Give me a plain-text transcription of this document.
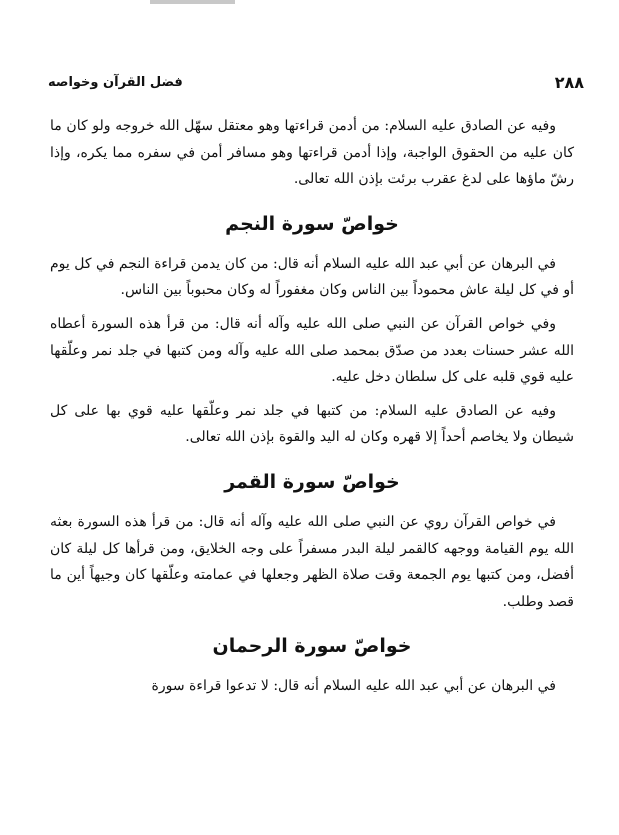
فضل القرآن وخواصه	٢٨٨

وفيه عن الصادق عليه السلام: من أدمن قراءتها وهو معتقل سهّل الله خروجه ولو كان ما كان عليه من الحقوق الواجبة، وإذا أدمن قراءتها وهو مسافر أمن في سفره مما يكره، وإذا رشّ ماؤها على لدغ عقرب برئت بإذن الله تعالى.

خواصّ سورة النجم

في البرهان عن أبي عبد الله عليه السلام أنه قال: من كان يدمن قراءة النجم في كل يوم أو في كل ليلة عاش محموداً بين الناس وكان مغفوراً له وكان محبوباً بين الناس.

وفي خواص القرآن عن النبي صلى الله عليه وآله أنه قال: من قرأ هذه السورة أعطاه الله عشر حسنات بعدد من صدّق بمحمد صلى الله عليه وآله ومن كتبها في جلد نمر وعلّقها عليه قوي قلبه على كل سلطان دخل عليه.

وفيه عن الصادق عليه السلام: من كتبها في جلد نمر وعلّقها عليه قوي بها على كل شيطان ولا يخاصم أحداً إلا قهره وكان له اليد والقوة بإذن الله تعالى.

خواصّ سورة القمر

في خواص القرآن روي عن النبي صلى الله عليه وآله أنه قال: من قرأ هذه السورة بعثه الله يوم القيامة ووجهه كالقمر ليلة البدر مسفراً على وجه الخلايق، ومن قرأها كل ليلة كان أفضل، ومن كتبها يوم الجمعة وقت صلاة الظهر وجعلها في عمامته وعلّقها كان وجيهاً أين ما قصد وطلب.

خواصّ سورة الرحمان

في البرهان عن أبي عبد الله عليه السلام أنه قال: لا تدعوا قراءة سورة
